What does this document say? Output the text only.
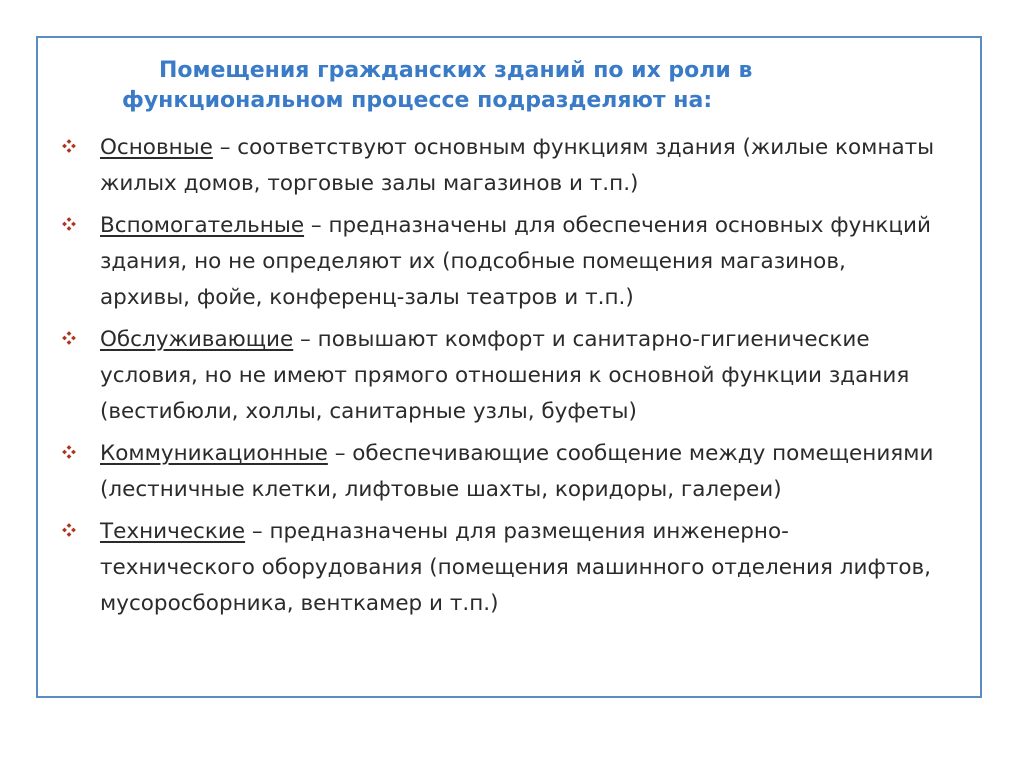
Помещения гражданских зданий по их роли в функциональном процессе подразделяют на:

Основные – соответствуют основным функциям здания (жилые комнаты жилых домов, торговые залы магазинов и т.п.)
Вспомогательные – предназначены для обеспечения основных функций здания, но не определяют их (подсобные помещения магазинов, архивы, фойе, конференц-залы театров и т.п.)
Обслуживающие – повышают комфорт и санитарно-гигиенические условия, но не имеют прямого отношения к основной функции здания (вестибюли, холлы, санитарные узлы, буфеты)
Коммуникационные – обеспечивающие сообщение между помещениями (лестничные клетки, лифтовые шахты, коридоры, галереи)
Технические – предназначены для размещения инженерно-технического оборудования (помещения машинного отделения лифтов, мусоросборника, венткамер и т.п.)
